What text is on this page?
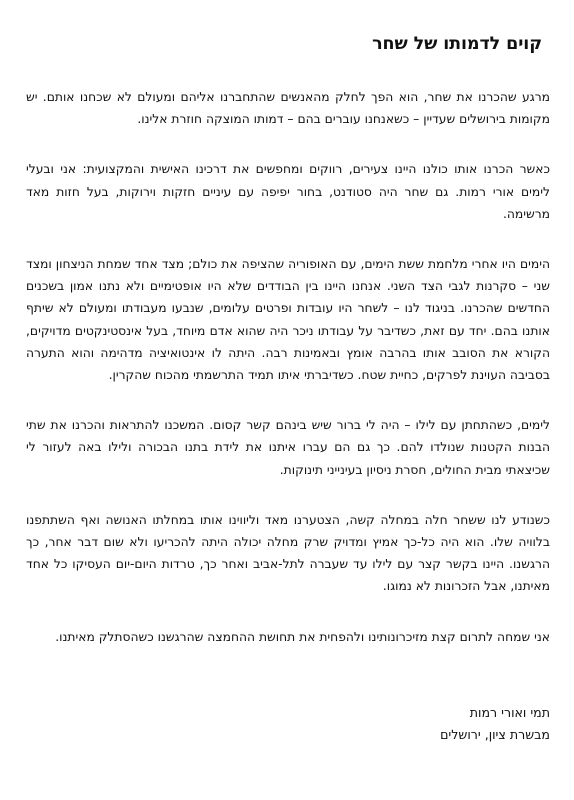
קוים לדמותו של שחר

מרגע שהכרנו את שחר, הוא הפך לחלק מהאנשים שהתחברנו אליהם ומעולם לא שכחנו אותם. יש מקומות בירושלים שעדיין – כשאנחנו עוברים בהם – דמותו המוצקה חוזרת אלינו.

כאשר הכרנו אותו כולנו היינו צעירים, רווקים ומחפשים את דרכינו האישית והמקצועית: אני ובעלי לימים אורי רמות. גם שחר היה סטודנט, בחור יפיפה עם עיניים חזקות וירוקות, בעל חזות מאד מרשימה.

הימים היו אחרי מלחמת ששת הימים, עם האופוריה שהציפה את כולם; מצד אחד שמחת הניצחון ומצד שני – סקרנות לגבי הצד השני. אנחנו היינו בין הבודדים שלא היו אופטימיים ולא נתנו אמון בשכנים החדשים שהכרנו. בניגוד לנו – לשחר היו עובדות ופרטים עלומים, שנבעו מעבודתו ומעולם לא שיתף אותנו בהם. יחד עם זאת, כשדיבר על עבודתו ניכר היה שהוא אדם מיוחד, בעל אינסטינקטים מדויקים, הקורא את הסובב אותו בהרבה אומץ ובאמינות רבה. היתה לו אינטואיציה מדהימה והוא התערה בסביבה העוינת לפרקים, כחיית שטח. כשדיברתי איתו תמיד התרשמתי מהכוח שהקרין.

לימים, כשהתחתן עם לילו – היה לי ברור שיש בינהם קשר קסום. המשכנו להתראות והכרנו את שתי הבנות הקטנות שנולדו להם. כך גם הם עברו איתנו את לידת בתנו הבכורה ולילו באה לעזור לי שכיצאתי מבית החולים, חסרת ניסיון בעינייני תינוקות.

כשנודע לנו ששחר חלה במחלה קשה, הצטערנו מאד וליווינו אותו במחלתו האנושה ואף השתתפנו בלוויה שלו. הוא היה כל-כך אמיץ ומדויק שרק מחלה יכולה היתה להכריעו ולא שום דבר אחר, כך הרגשנו. היינו בקשר קצר עם לילו עד שעברה לתל-אביב ואחר כך, טרדות היום-יום העסיקו כל אחד מאיתנו, אבל הזכרונות לא נמוגו.

אני שמחה לתרום קצת מזיכרונותינו ולהפחית את תחושת ההחמצה שהרגשנו כשהסתלק מאיתנו.

תמי ואורי רמות
מבשרת ציון, ירושלים
